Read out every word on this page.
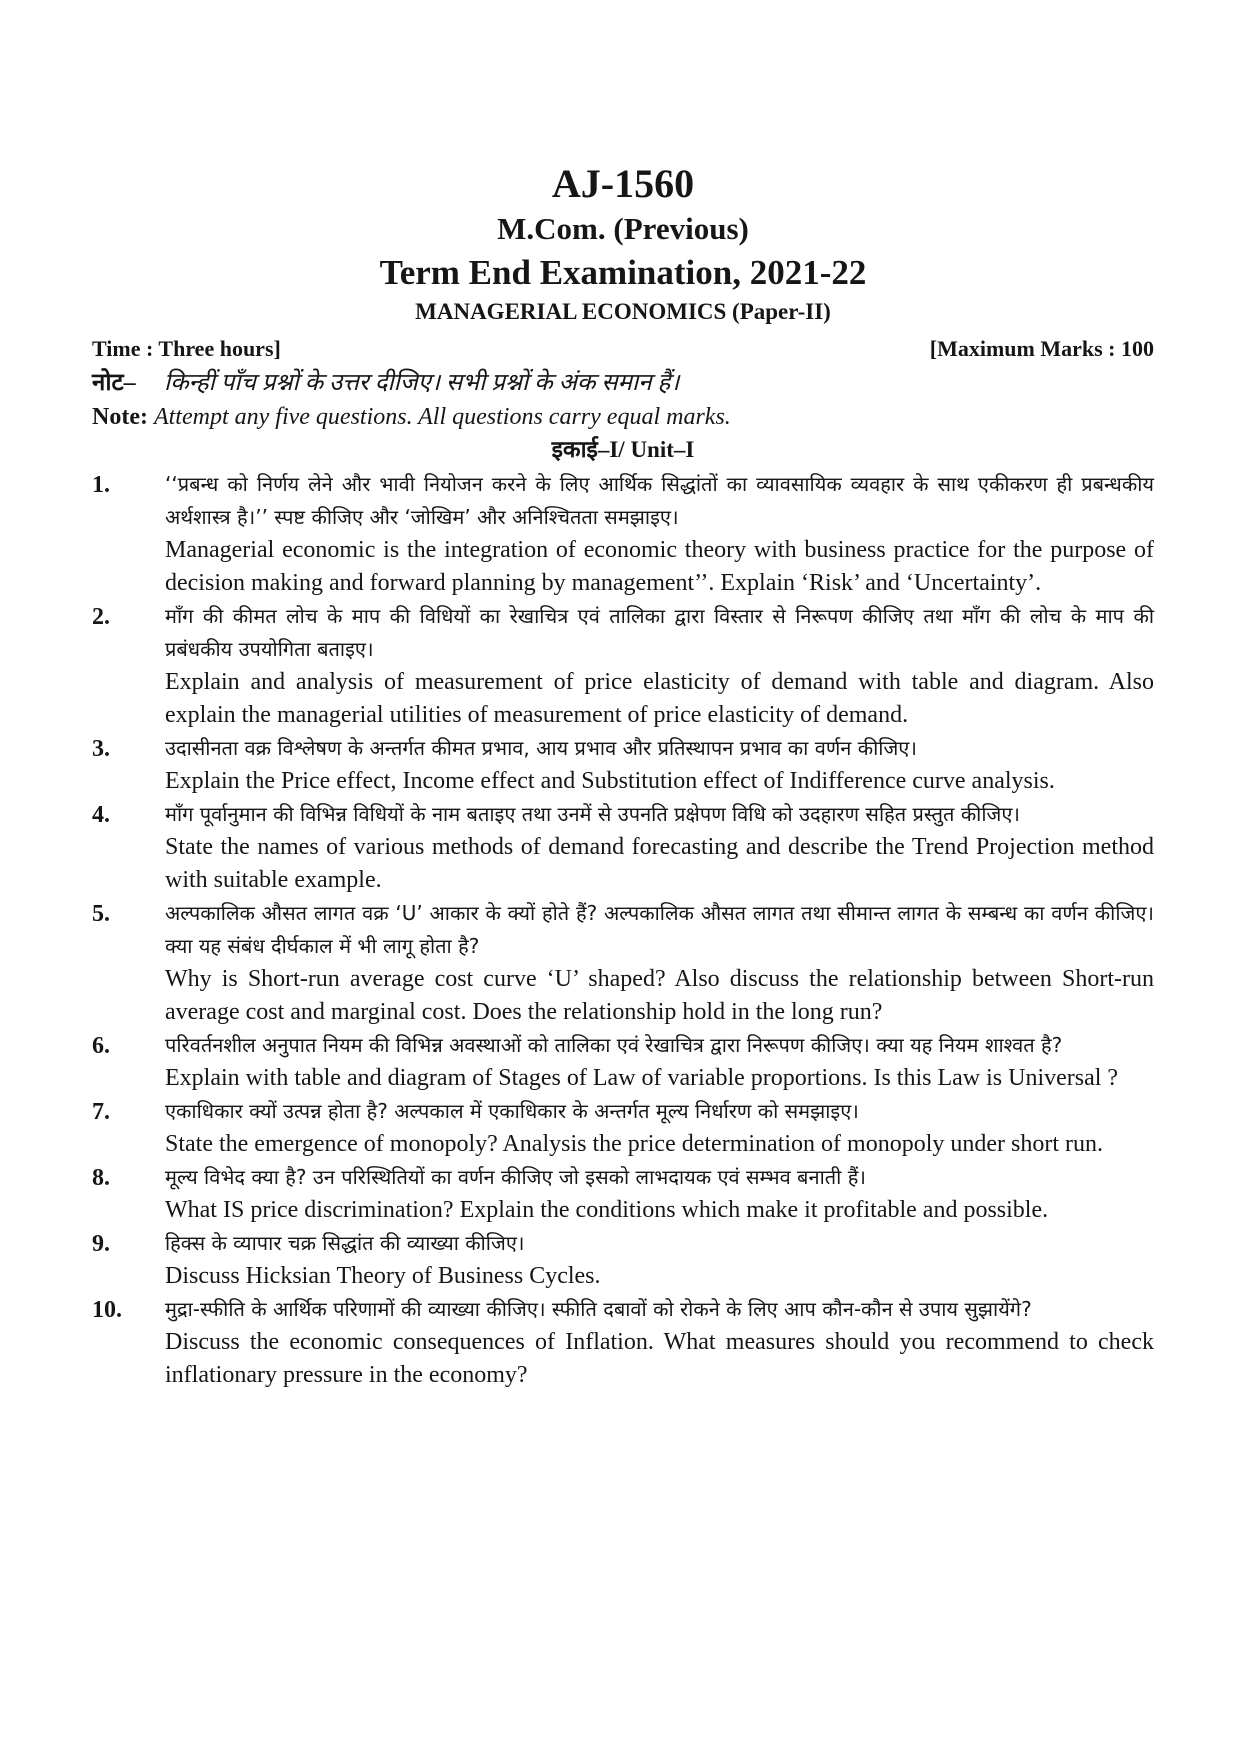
AJ-1560

M.Com. (Previous)

Term End Examination, 2021-22

MANAGERIAL ECONOMICS (Paper-II)

Time : Three hours]	[Maximum Marks : 100
नोट– किन्हीं पाँच प्रश्नों के उत्तर दीजिए। सभी प्रश्नों के अंक समान हैं।
Note: Attempt any five questions. All questions carry equal marks.
इकाई–I/ Unit–I
1.	‘‘प्रबन्ध को निर्णय लेने और भावी नियोजन करने के लिए आर्थिक सिद्धांतों का व्यावसायिक व्यवहार के साथ एकीकरण ही प्रबन्धकीय अर्थशास्त्र है।’’ स्पष्ट कीजिए और ‘जोखिम’ और अनिश्चितता समझाइए।

Managerial economic is the integration of economic theory with business practice for the purpose of decision making and forward planning by management’’. Explain ‘Risk’ and ‘Uncertainty’.

2.	माँग की कीमत लोच के माप की विधियों का रेखाचित्र एवं तालिका द्वारा विस्तार से निरूपण कीजिए तथा माँग की लोच के माप की प्रबंधकीय उपयोगिता बताइए।

Explain and analysis of measurement of price elasticity of demand with table and diagram. Also explain the managerial utilities of measurement of price elasticity of demand.

3.	उदासीनता वक्र विश्लेषण के अन्तर्गत कीमत प्रभाव, आय प्रभाव और प्रतिस्थापन प्रभाव का वर्णन कीजिए।

Explain the Price effect, Income effect and Substitution effect of Indifference curve analysis.

4.	माँग पूर्वानुमान की विभिन्न विधियों के नाम बताइए तथा उनमें से उपनति प्रक्षेपण विधि को उदहारण सहित प्रस्तुत कीजिए।

State the names of various methods of demand forecasting and describe the Trend Projection method with suitable example.

5.	अल्पकालिक औसत लागत वक्र ‘U’ आकार के क्यों होते हैं? अल्पकालिक औसत लागत तथा सीमान्त लागत के सम्बन्ध का वर्णन कीजिए। क्या यह संबंध दीर्घकाल में भी लागू होता है?

Why is Short-run average cost curve ‘U’ shaped? Also discuss the relationship between Short-run average cost and marginal cost. Does the relationship hold in the long run?

6.	परिवर्तनशील अनुपात नियम की विभिन्न अवस्थाओं को तालिका एवं रेखाचित्र द्वारा निरूपण कीजिए। क्या यह नियम शाश्वत है?

Explain with table and diagram of Stages of Law of variable proportions. Is this Law is Universal ?

7.	एकाधिकार क्यों उत्पन्न होता है? अल्पकाल में एकाधिकार के अन्तर्गत मूल्य निर्धारण को समझाइए।

State the emergence of monopoly? Analysis the price determination of monopoly under short run.

8.	मूल्य विभेद क्या है? उन परिस्थितियों का वर्णन कीजिए जो इसको लाभदायक एवं सम्भव बनाती हैं।

What IS price discrimination? Explain the conditions which make it profitable and possible.

9.	हिक्स के व्यापार चक्र सिद्धांत की व्याख्या कीजिए।

Discuss Hicksian Theory of Business Cycles.

10.	मुद्रा-स्फीति के आर्थिक परिणामों की व्याख्या कीजिए। स्फीति दबावों को रोकने के लिए आप कौन-कौन से उपाय सुझायेंगे?

Discuss the economic consequences of Inflation. What measures should you recommend to check inflationary pressure in the economy?
